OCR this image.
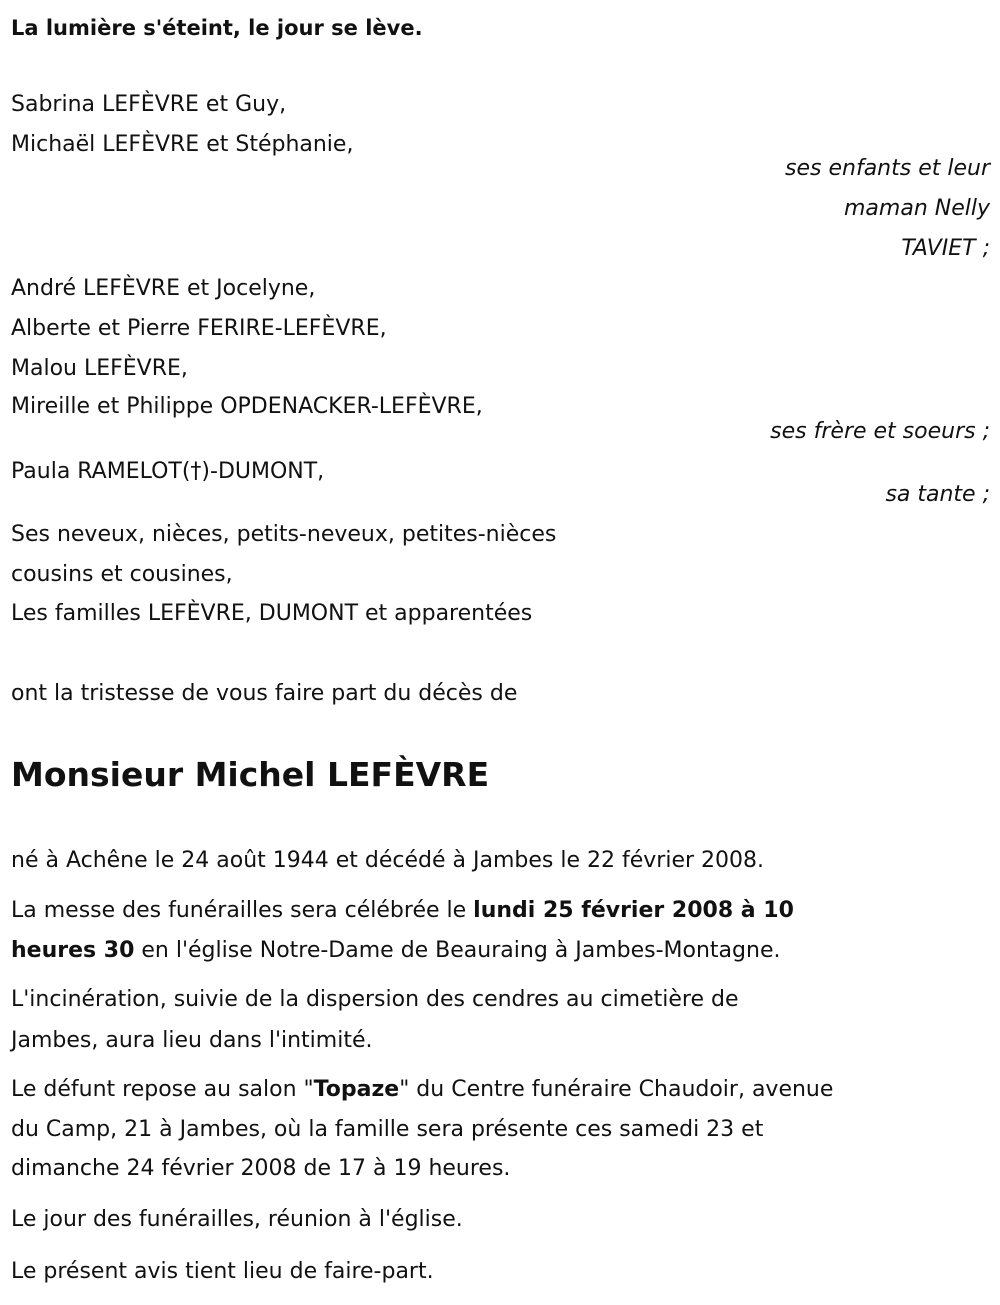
La lumière s'éteint, le jour se lève.
Sabrina LEFÈVRE et Guy,
Michaël LEFÈVRE et Stéphanie,
ses enfants et leur
maman Nelly
TAVIET ;
André LEFÈVRE et Jocelyne,
Alberte et Pierre FERIRE-LEFÈVRE,
Malou LEFÈVRE,
Mireille et Philippe OPDENACKER-LEFÈVRE,
ses frère et soeurs ;
Paula RAMELOT(†)-DUMONT,
sa tante ;
Ses neveux, nièces, petits-neveux, petites-nièces
cousins et cousines,
Les familles LEFÈVRE, DUMONT et apparentées
ont la tristesse de vous faire part du décès de
Monsieur Michel LEFÈVRE
né à Achêne le 24 août 1944 et décédé à Jambes le 22 février 2008.
La messe des funérailles sera célébrée le lundi 25 février 2008 à 10
heures 30 en l'église Notre-Dame de Beauraing à Jambes-Montagne.
L'incinération, suivie de la dispersion des cendres au cimetière de
Jambes, aura lieu dans l'intimité.
Le défunt repose au salon "Topaze" du Centre funéraire Chaudoir, avenue
du Camp, 21 à Jambes, où la famille sera présente ces samedi 23 et
dimanche 24 février 2008 de 17 à 19 heures.
Le jour des funérailles, réunion à l'église.
Le présent avis tient lieu de faire-part.
